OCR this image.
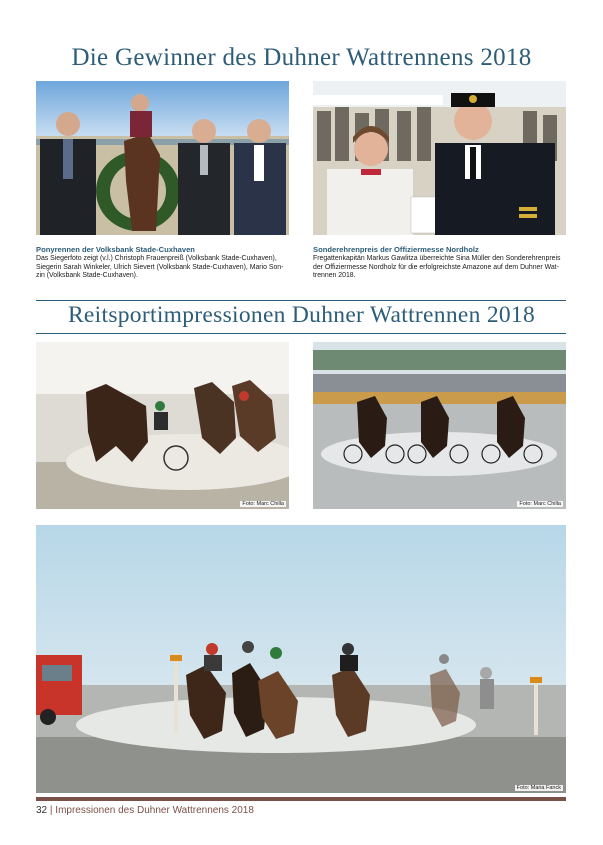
Die Gewinner des Duhner Wattrennens 2018
Ponyrennen der Volksbank Stade-Cuxhaven
Das Siegerfoto zeigt (v.l.) Christoph Frauenpreiß (Volksbank Stade-Cuxhaven),
Siegerin Sarah Winkeler, Ulrich Sievert (Volksbank Stade-Cuxhaven), Mario Son-
zin (Volksbank Stade-Cuxhaven).
Sonderehrenpreis der Offiziermesse Nordholz
Fregattenkapitän Markus Gawlitza überreichte Sina Müller den Sonderehrenpreis
der Offiziermesse Nordholz für die erfolgreichste Amazone auf dem Duhner Wat-
trennen 2018.
Reitsportimpressionen Duhner Wattrennen 2018
Foto: Marc Chilla	Foto: Marc Chilla
Foto: Maria Fanck
32 | Impressionen des Duhner Wattrennens 2018
